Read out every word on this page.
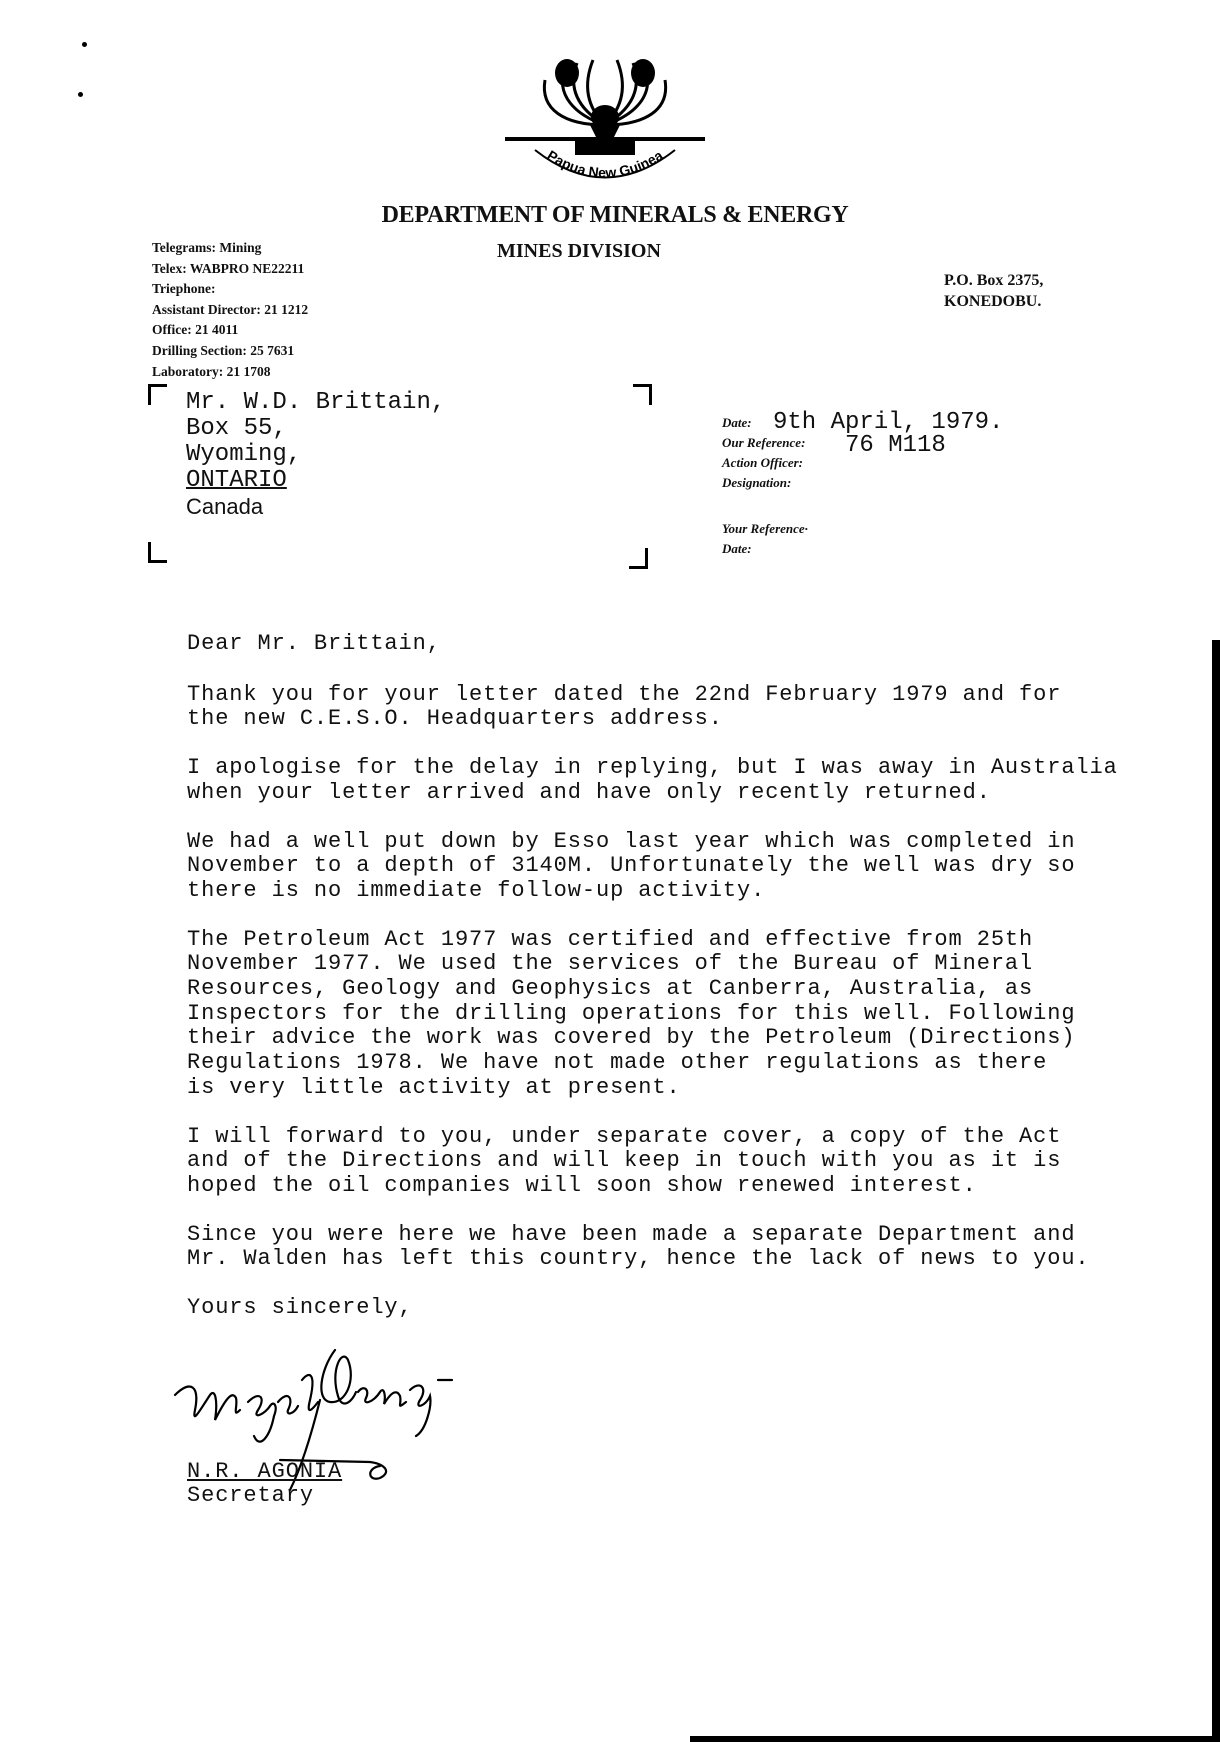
Papua New Guinea
DEPARTMENT OF MINERALS & ENERGY
MINES DIVISION
Telegrams: Mining
Telex: WABPRO NE22211
Triephone:
Assistant Director: 21 1212
Office: 21 4011
Drilling Section: 25 7631
Laboratory: 21 1708
P.O. Box 2375,
KONEDOBU.
Mr. W.D. Brittain,
Box 55,
Wyoming,
ONTARIO
Canada
Date:
Our Reference:
Action Officer:
Designation:
9th April, 1979.
76 M118
Your Reference·
Date:

Dear Mr. Brittain,

Thank you for your letter dated the 22nd February 1979 and for
the new C.E.S.O. Headquarters address.

I apologise for the delay in replying, but I was away in Australia
when your letter arrived and have only recently returned.

We had a well put down by Esso last year which was completed in
November to a depth of 3140M. Unfortunately the well was dry so
there is no immediate follow-up activity.

The Petroleum Act 1977 was certified and effective from 25th
November 1977. We used the services of the Bureau of Mineral
Resources, Geology and Geophysics at Canberra, Australia, as
Inspectors for the drilling operations for this well. Following
their advice the work was covered by the Petroleum (Directions)
Regulations 1978. We have not made other regulations as there
is very little activity at present.

I will forward to you, under separate cover, a copy of the Act
and of the Directions and will keep in touch with you as it is
hoped the oil companies will soon show renewed interest.

Since you were here we have been made a separate Department and
Mr. Walden has left this country, hence the lack of news to you.

Yours sincerely,

N.R. AGONIA
Secretary
